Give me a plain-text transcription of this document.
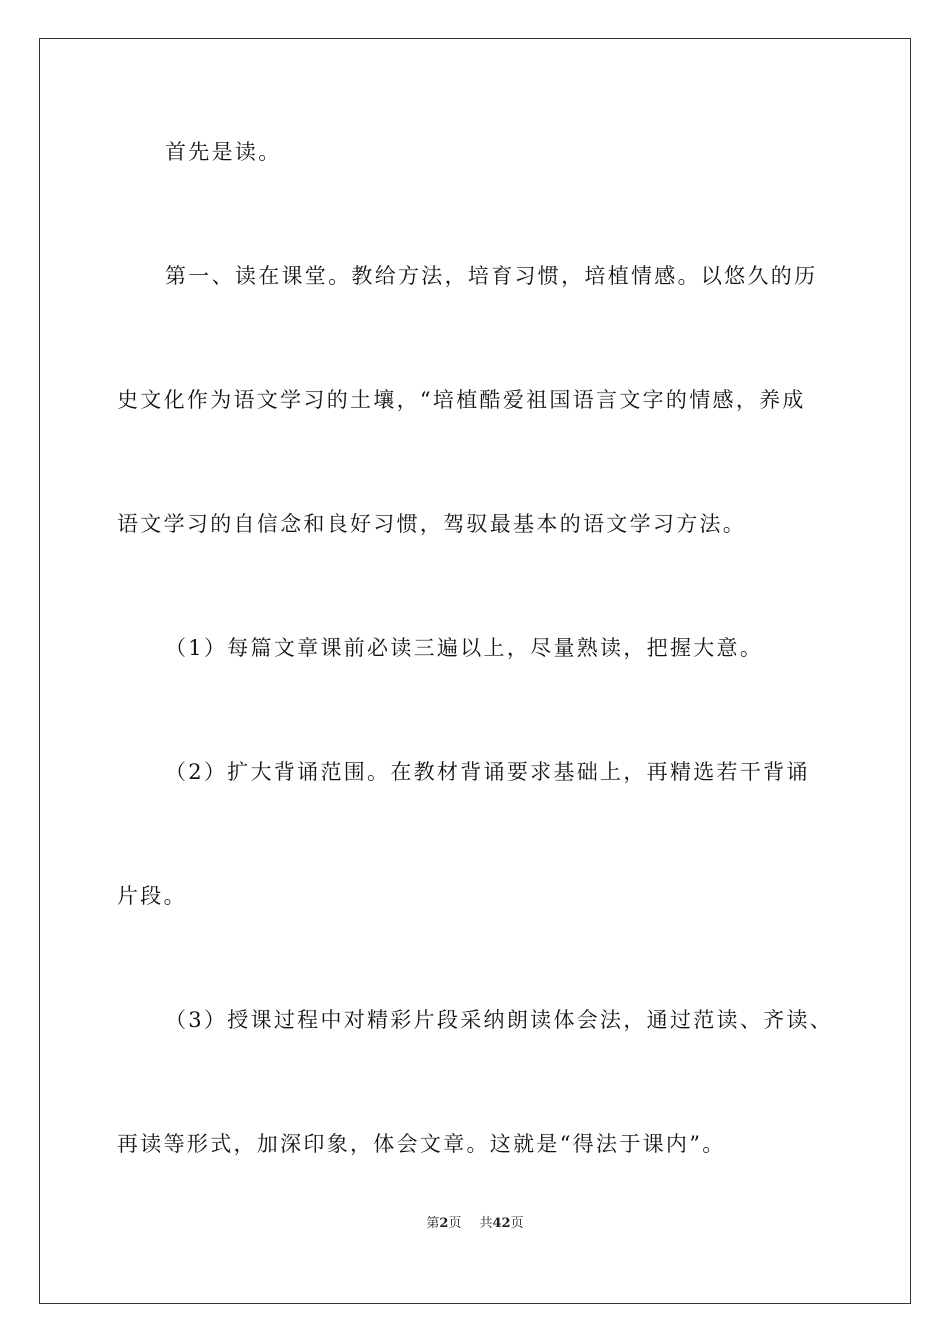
首先是读。
第一、读在课堂。教给方法，培育习惯，培植情感。以悠久的历
史文化作为语文学习的土壤，“培植酷爱祖国语言文字的情感，养成
语文学习的自信念和良好习惯，驾驭最基本的语文学习方法。
（1）每篇文章课前必读三遍以上，尽量熟读，把握大意。
（2）扩大背诵范围。在教材背诵要求基础上，再精选若干背诵
片段。
（3）授课过程中对精彩片段采纳朗读体会法，通过范读、齐读、
再读等形式，加深印象，体会文章。这就是“得法于课内”。
第2页 共42页
